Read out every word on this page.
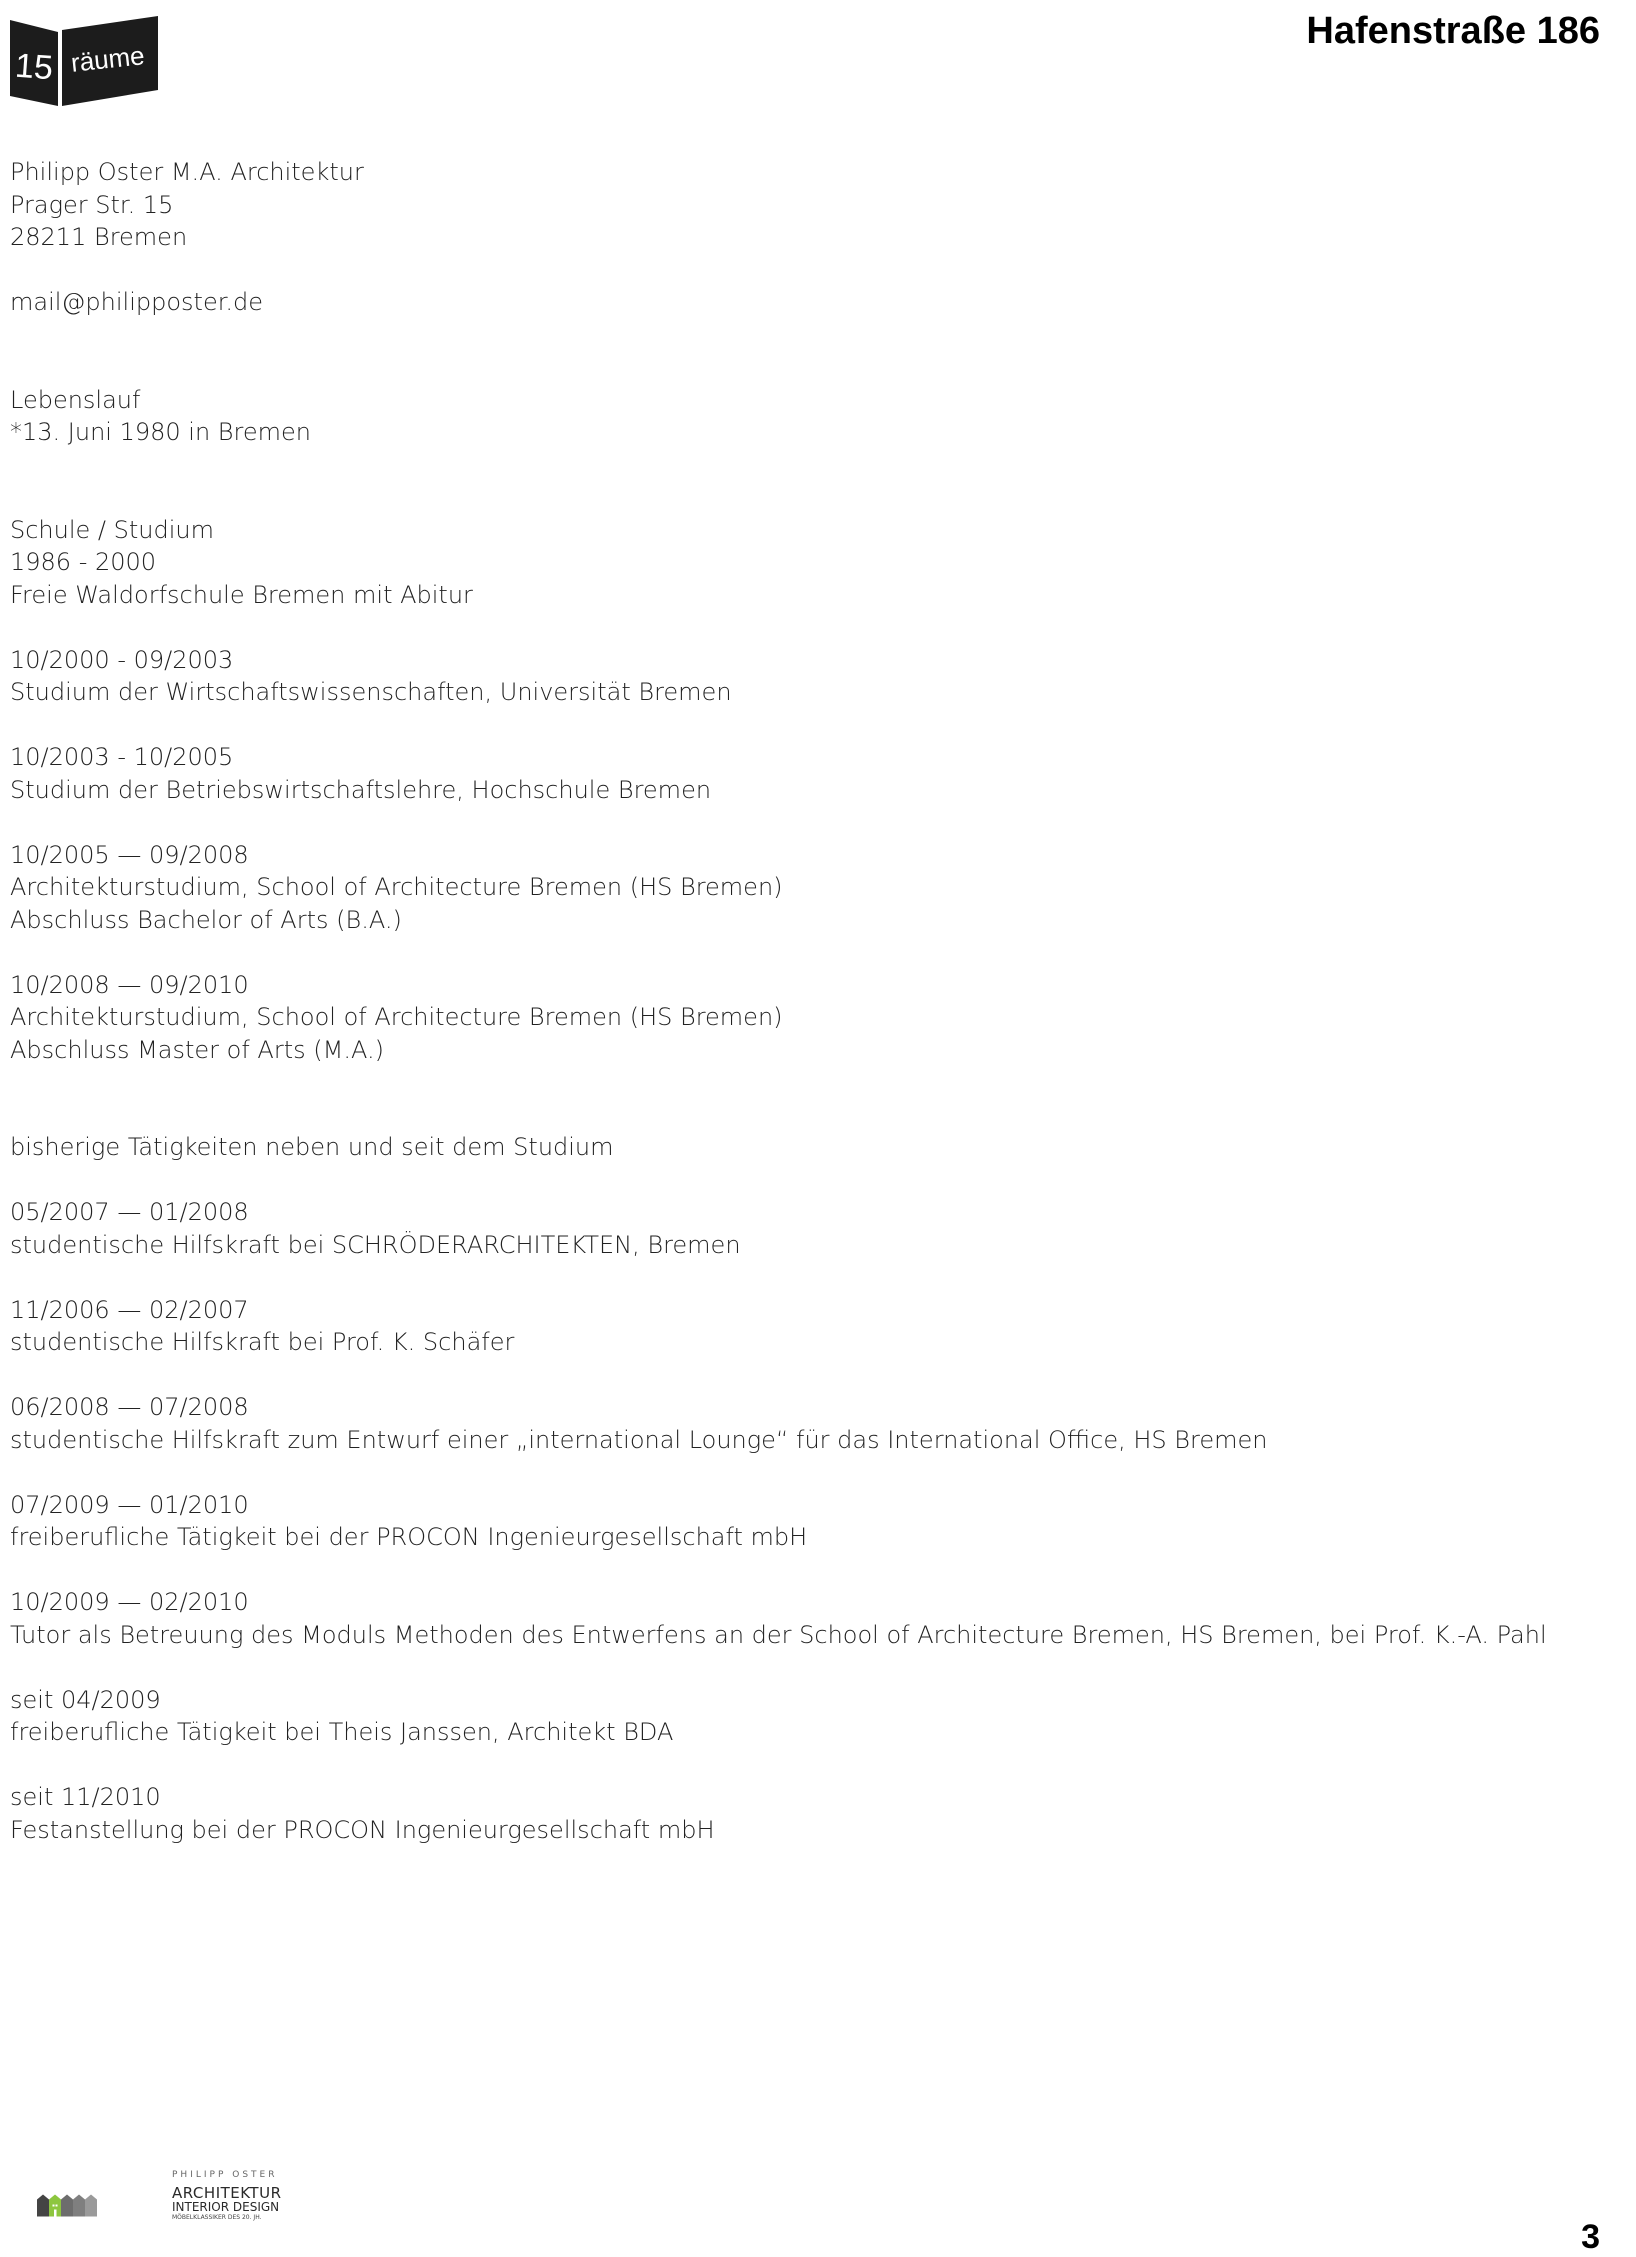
15 räume
Hafenstraße 186
Philipp Oster M.A. Architektur
Prager Str. 15
28211 Bremen
mail@philipposter.de
Lebenslauf
*13. Juni 1980 in Bremen
Schule / Studium
1986 - 2000
Freie Waldorfschule Bremen mit Abitur
10/2000 - 09/2003
Studium der Wirtschaftswissenschaften, Universität Bremen
10/2003 - 10/2005
Studium der Betriebswirtschaftslehre, Hochschule Bremen
10/2005 — 09/2008
Architekturstudium, School of Architecture Bremen (HS Bremen)
Abschluss Bachelor of Arts (B.A.)
10/2008 — 09/2010
Architekturstudium, School of Architecture Bremen (HS Bremen)
Abschluss Master of Arts (M.A.)
bisherige Tätigkeiten neben und seit dem Studium
05/2007 — 01/2008
studentische Hilfskraft bei SCHRÖDERARCHITEKTEN, Bremen
11/2006 — 02/2007
studentische Hilfskraft bei Prof. K. Schäfer
06/2008 — 07/2008
studentische Hilfskraft zum Entwurf einer „international Lounge“ für das International Office, HS Bremen
07/2009 — 01/2010
freiberufliche Tätigkeit bei der PROCON Ingenieurgesellschaft mbH
10/2009 — 02/2010
Tutor als Betreuung des Moduls Methoden des Entwerfens an der School of Architecture Bremen, HS Bremen, bei Prof. K.-A. Pahl
seit 04/2009
freiberufliche Tätigkeit bei Theis Janssen, Architekt BDA
seit 11/2010
Festanstellung bei der PROCON Ingenieurgesellschaft mbH
PHILIPP OSTER
ARCHITEKTUR
INTERIOR DESIGN
MÖBELKLASSIKER DES 20. JH.

3
